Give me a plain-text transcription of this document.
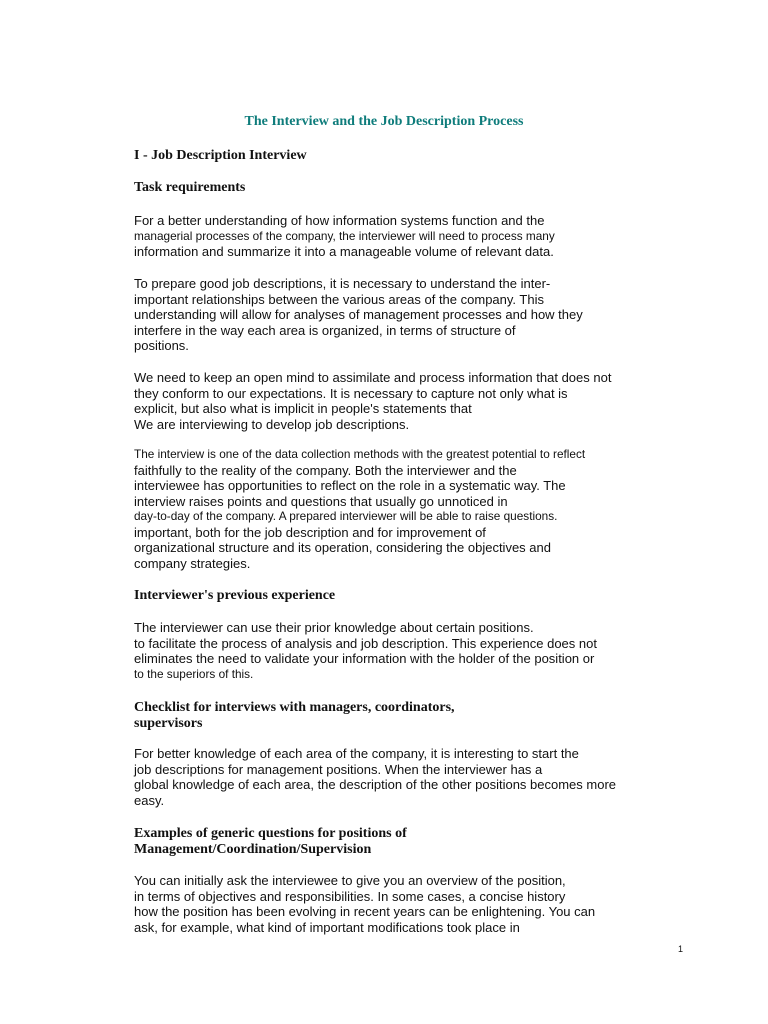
The Interview and the Job Description Process
I - Job Description Interview
Task requirements
For a better understanding of how information systems function and the
managerial processes of the company, the interviewer will need to process many
information and summarize it into a manageable volume of relevant data.
To prepare good job descriptions, it is necessary to understand the inter-
important relationships between the various areas of the company. This
understanding will allow for analyses of management processes and how they
interfere in the way each area is organized, in terms of structure of
positions.
We need to keep an open mind to assimilate and process information that does not
they conform to our expectations. It is necessary to capture not only what is
explicit, but also what is implicit in people's statements that
We are interviewing to develop job descriptions.
The interview is one of the data collection methods with the greatest potential to reflect
faithfully to the reality of the company. Both the interviewer and the
interviewee has opportunities to reflect on the role in a systematic way. The
interview raises points and questions that usually go unnoticed in
day-to-day of the company. A prepared interviewer will be able to raise questions.
important, both for the job description and for improvement of
organizational structure and its operation, considering the objectives and
company strategies.
Interviewer's previous experience
The interviewer can use their prior knowledge about certain positions.
to facilitate the process of analysis and job description. This experience does not
eliminates the need to validate your information with the holder of the position or
to the superiors of this.
Checklist for interviews with managers, coordinators,
supervisors
For better knowledge of each area of the company, it is interesting to start the
job descriptions for management positions. When the interviewer has a
global knowledge of each area, the description of the other positions becomes more
easy.
Examples of generic questions for positions of
Management/Coordination/Supervision
You can initially ask the interviewee to give you an overview of the position,
in terms of objectives and responsibilities. In some cases, a concise history
how the position has been evolving in recent years can be enlightening. You can
ask, for example, what kind of important modifications took place in
1
